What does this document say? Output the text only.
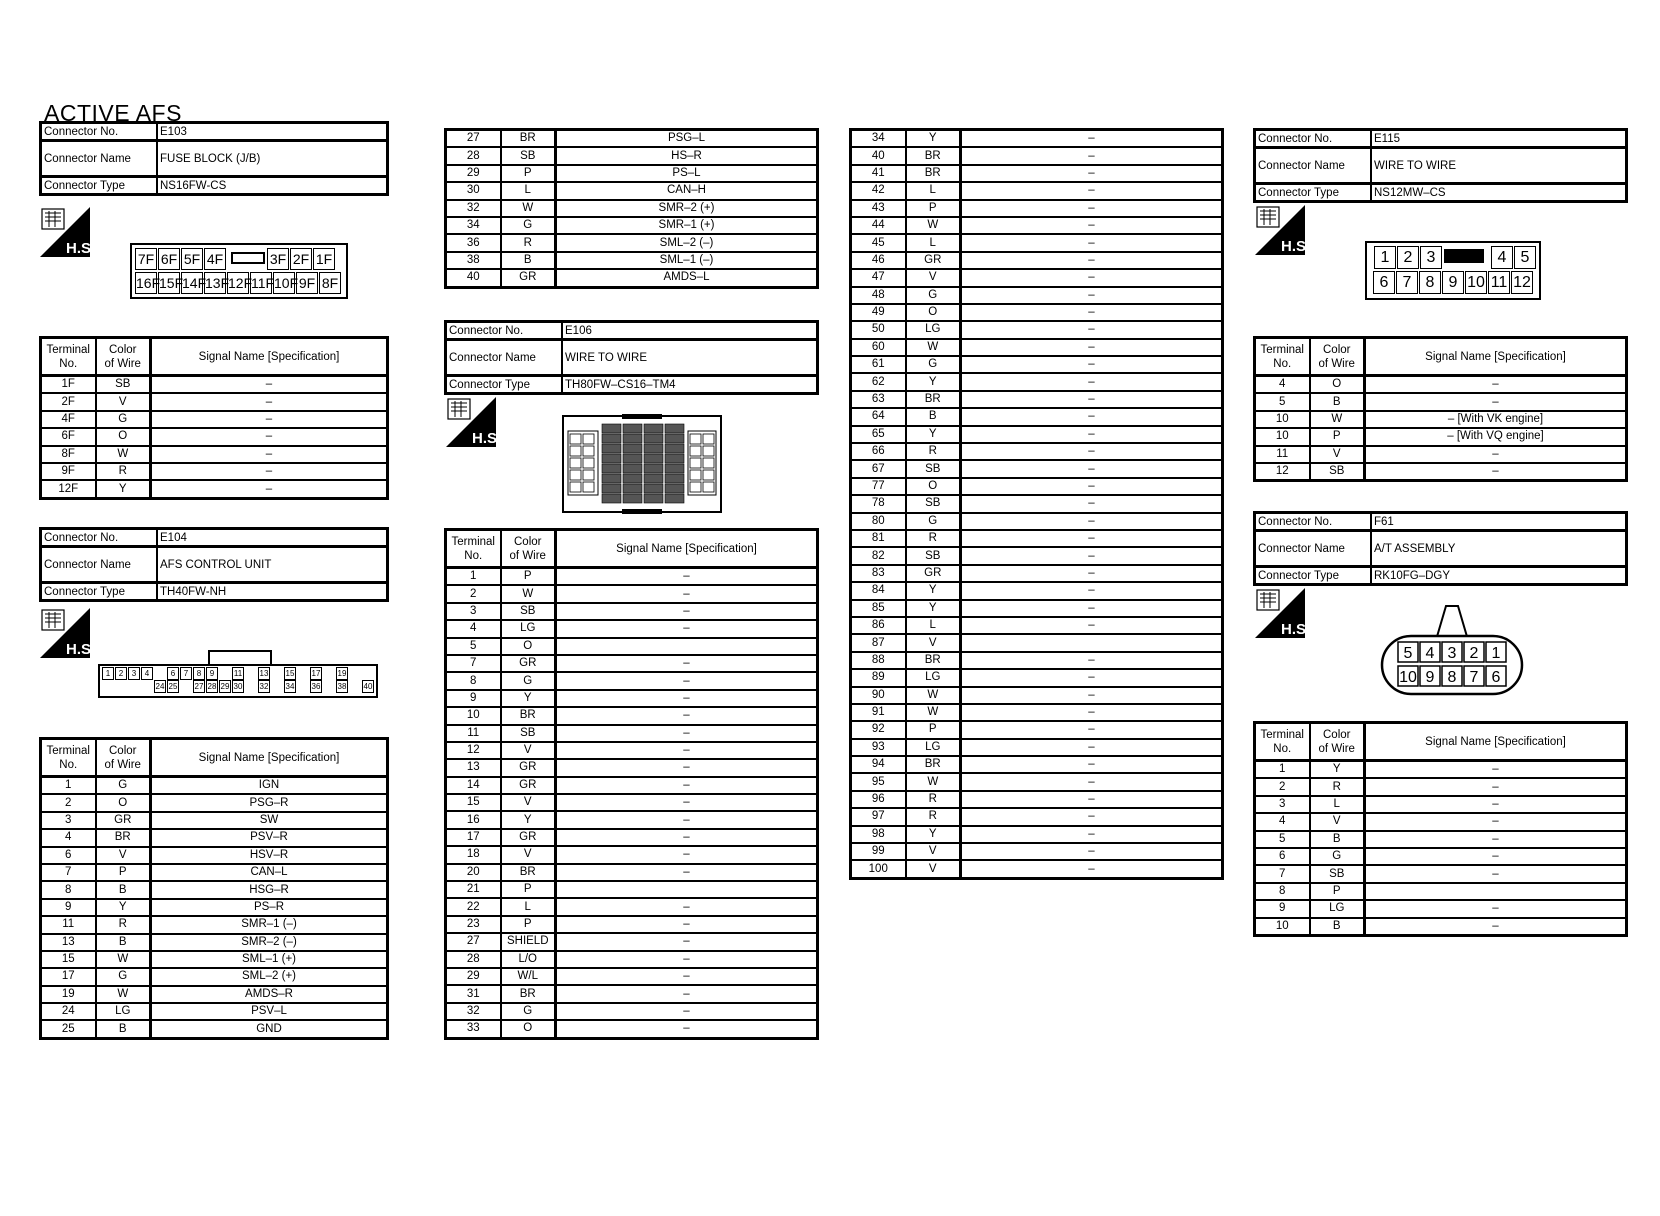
ACTIVE AFS
Connector No.	E103
Connector Name	FUSE BLOCK (J/B)
Connector Type	NS16FW-CS
7F 6F 5F 4F	3F 2F 1F
16F
15F
14F
13F
12F
11F 10F 9F 8F
Terminal
No.	Color
of Wire	Signal Name [Specification]
1F	SB	–
2F	V	–
4F	G	–
6F	O	–
8F	W	–
9F	R	–
12F	Y	–
Connector No.	E104
Connector Name	AFS CONTROL UNIT
Connector Type	TH40FW-NH
1	2	3	4	6	7	8	9	11 13 15 17 19
24 25 27 28 29 30 32 34 36 38 40
Terminal
No.	Color
of Wire	Signal Name [Specification]
1	G	IGN
2	O	PSG–R
3	GR	SW
4	BR	PSV–R
6	V	HSV–R
7	P	CAN–L
8	B	HSG–R
9	Y	PS–R
11	R	SMR–1 (–)
13	B	SMR–2 (–)
15	W	SML–1 (+)
17	G	SML–2 (+)
19	W	AMDS–R
24	LG	PSV–L
25	B	GND
27	BR	PSG–L
28	SB	HS–R
29	P	PS–L
30	L	CAN–H
32	W	SMR–2 (+)
34	G	SMR–1 (+)
36	R	SML–2 (–)
38	B	SML–1 (–)
40	GR	AMDS–L
Connector No.	E106
Connector Name	WIRE TO WIRE
Connector Type	TH80FW–CS16–TM4
Terminal
No.	Color
of Wire	Signal Name [Specification]
1	P	–
2	W	–
3	SB	–
4	LG	–
5	O	
7	GR	–
8	G	–
9	Y	–
10	BR	–
11	SB	–
12	V	–
13	GR	–
14	GR	–
15	V	–
16	Y	–
17	GR	–
18	V	–
20	BR	–
21	P	
22	L	–
23	P	–
27	SHIELD	–
28	L/O	–
29	W/L	–
31	BR	–
32	G	–
33	O	–
34	Y	–
40	BR	–
41	BR	–
42	L	–
43	P	–
44	W	–
45	L	–
46	GR	–
47	V	–
48	G	–
49	O	–
50	LG	–
60	W	–
61	G	–
62	Y	–
63	BR	–
64	B	–
65	Y	–
66	R	–
67	SB	–
77	O	–
78	SB	–
80	G	–
81	R	–
82	SB	–
83	GR	–
84	Y	–
85	Y	–
86	L	–
87	V	
88	BR	–
89	LG	–
90	W	–
91	W	–
92	P	–
93	LG	–
94	BR	–
95	W	–
96	R	–
97	R	–
98	Y	–
99	V	–
100	V	–
Connector No.	E115
Connector Name	WIRE TO WIRE
Connector Type	NS12MW–CS
1 2 3	4 5
6 7 8 9 10 11 12
Terminal
No.	Color
of Wire	Signal Name [Specification]
4	O	–
5	B	–
10	W	– [With VK engine]
10	P	– [With VQ engine]
11	V	–
12	SB	–
Connector No.	F61
Connector Name	A/T ASSEMBLY
Connector Type	RK10FG–DGY
5 4 3 2 1
10 9 8 7 6
Terminal
No.	Color
of Wire	Signal Name [Specification]
1	Y	–
2	R	–
3	L	–
4	V	–
5	B	–
6	G	–
7	SB	–
8	P	
9	LG	–
10	B	–
